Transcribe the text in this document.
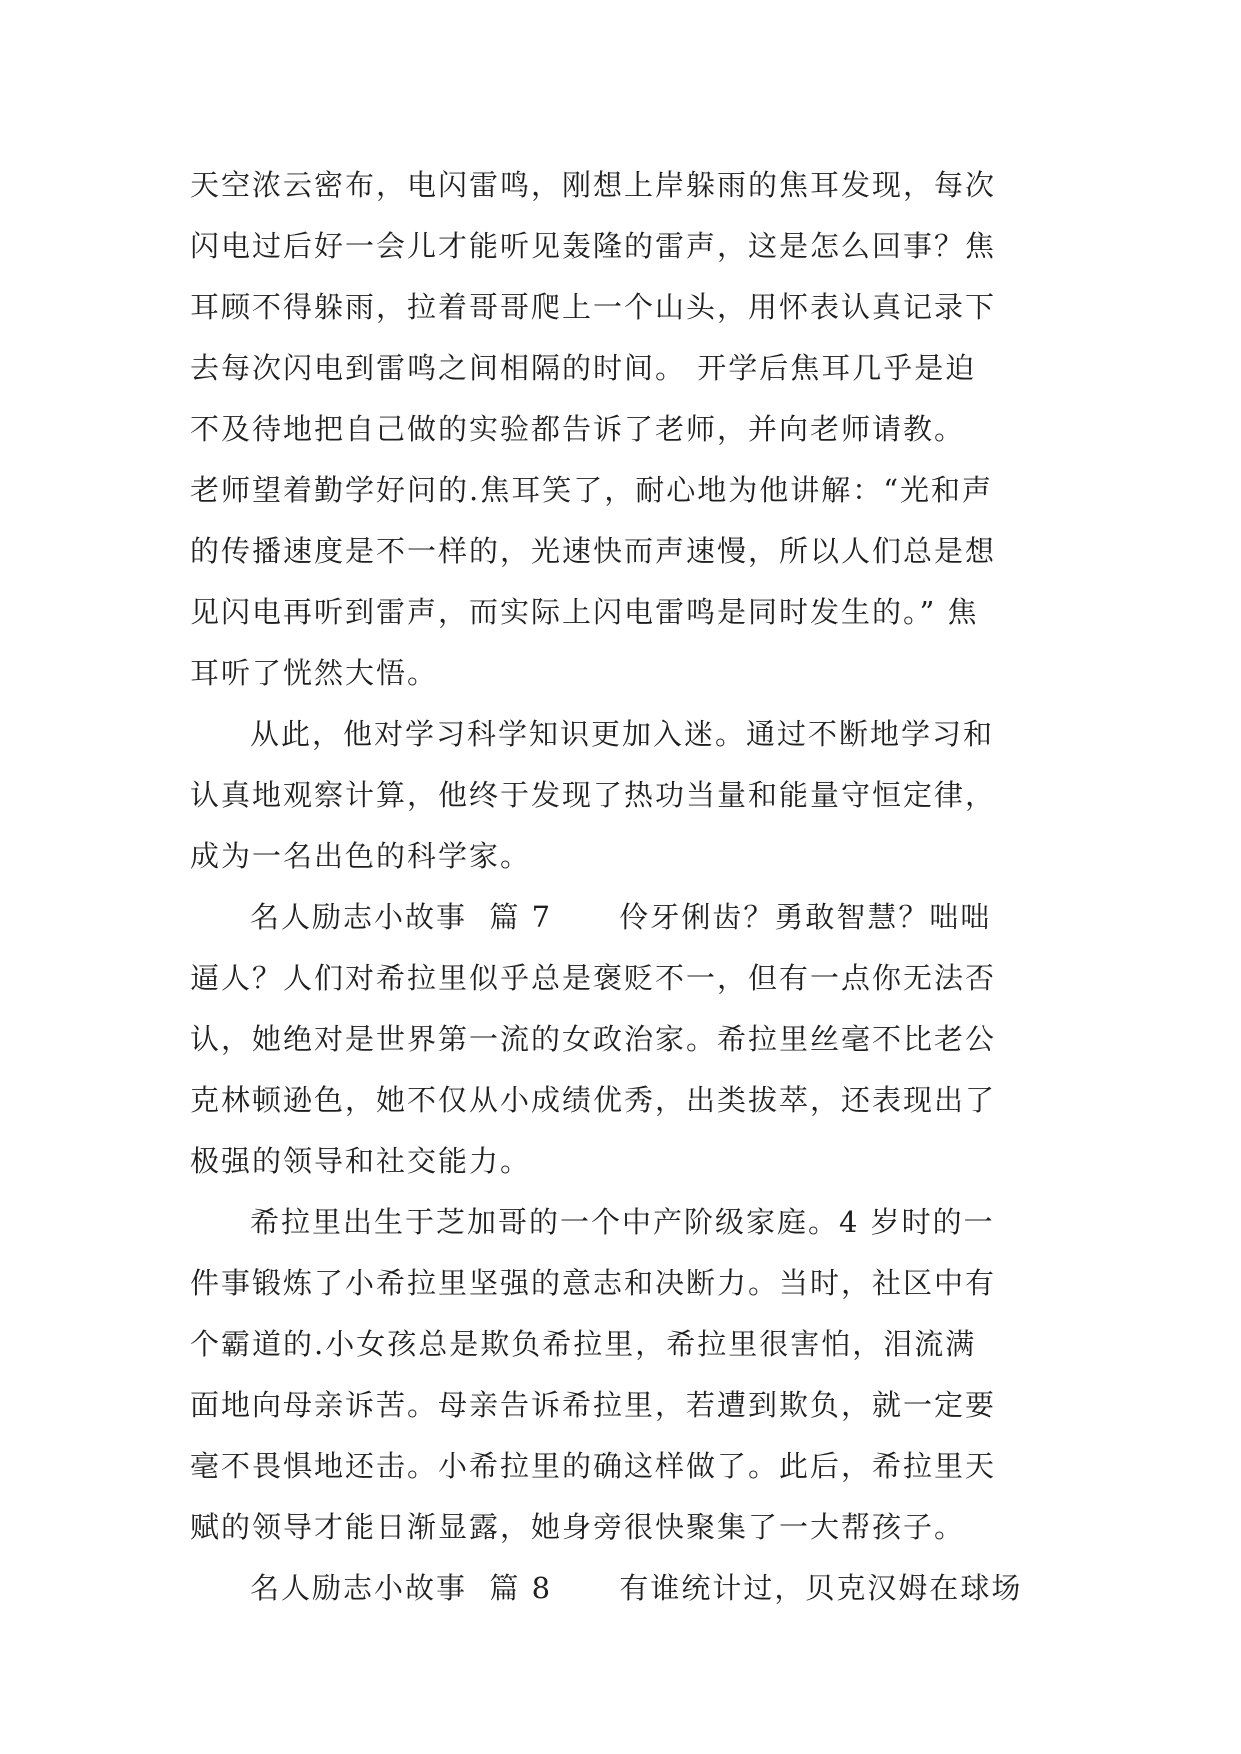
天空浓云密布，电闪雷鸣，刚想上岸躲雨的焦耳发现，每次
闪电过后好一会儿才能听见轰隆的雷声，这是怎么回事？焦
耳顾不得躲雨，拉着哥哥爬上一个山头，用怀表认真记录下
去每次闪电到雷鸣之间相隔的时间。 开学后焦耳几乎是迫
不及待地把自己做的实验都告诉了老师，并向老师请教。
老师望着勤学好问的.焦耳笑了，耐心地为他讲解：“光和声
的传播速度是不一样的，光速快而声速慢，所以人们总是想
见闪电再听到雷声，而实际上闪电雷鸣是同时发生的。” 焦
耳听了恍然大悟。
从此，他对学习科学知识更加入迷。通过不断地学习和
认真地观察计算，他终于发现了热功当量和能量守恒定律，
成为一名出色的科学家。
名人励志小故事  篇 7      伶牙俐齿？勇敢智慧？咄咄
逼人？人们对希拉里似乎总是褒贬不一，但有一点你无法否
认，她绝对是世界第一流的女政治家。希拉里丝毫不比老公
克林顿逊色，她不仅从小成绩优秀，出类拔萃，还表现出了
极强的领导和社交能力。
希拉里出生于芝加哥的一个中产阶级家庭。4 岁时的一
件事锻炼了小希拉里坚强的意志和决断力。当时，社区中有
个霸道的.小女孩总是欺负希拉里，希拉里很害怕，泪流满
面地向母亲诉苦。母亲告诉希拉里，若遭到欺负，就一定要
毫不畏惧地还击。小希拉里的确这样做了。此后，希拉里天
赋的领导才能日渐显露，她身旁很快聚集了一大帮孩子。
名人励志小故事  篇 8      有谁统计过，贝克汉姆在球场
